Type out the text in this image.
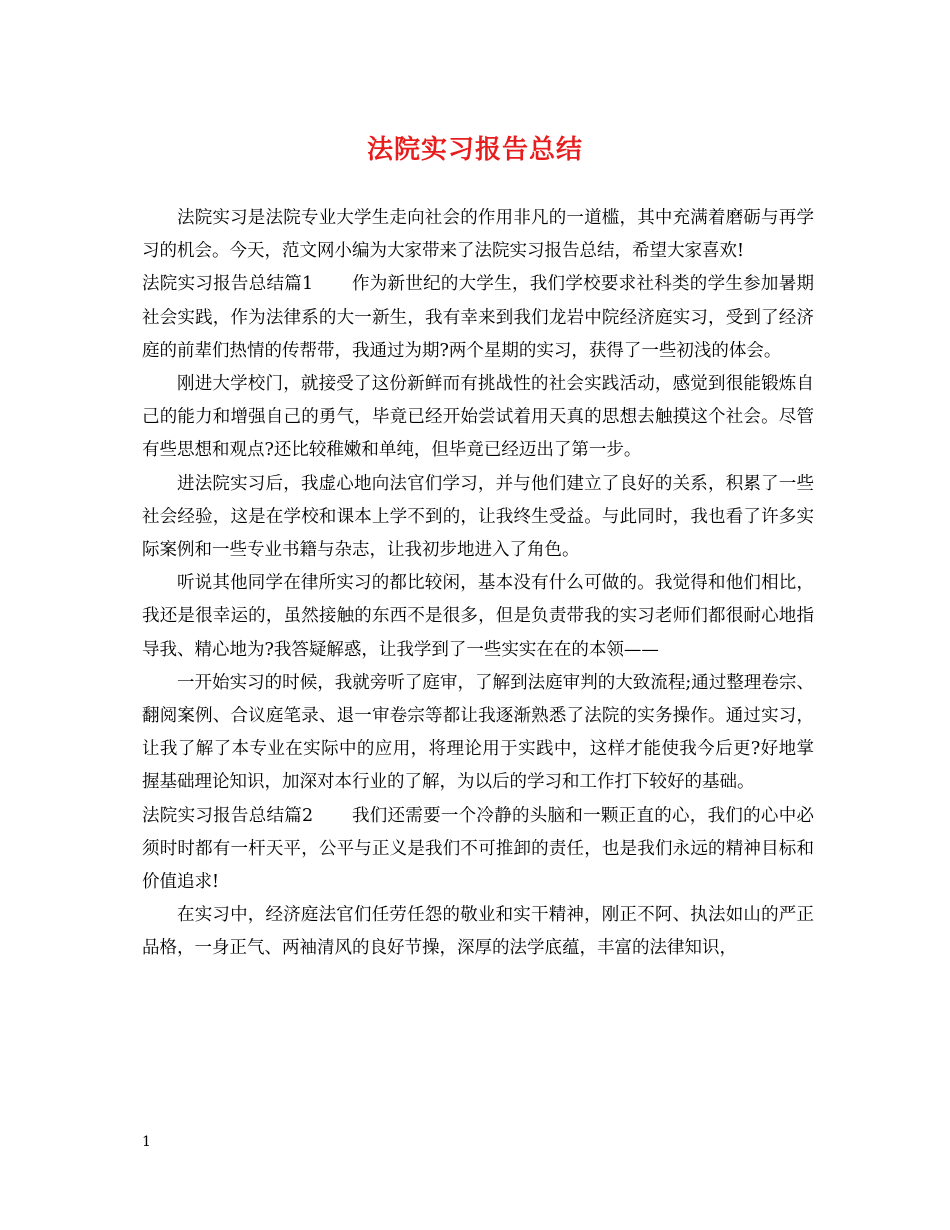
法院实习报告总结

法院实习是法院专业大学生走向社会的作用非凡的一道槛，其中充满着磨砺与再学习的机会。今天，范文网小编为大家带来了法院实习报告总结，希望大家喜欢!

法院实习报告总结篇1 作为新世纪的大学生，我们学校要求社科类的学生参加暑期社会实践，作为法律系的大一新生，我有幸来到我们龙岩中院经济庭实习，受到了经济庭的前辈们热情的传帮带，我通过为期?两个星期的实习，获得了一些初浅的体会。

刚进大学校门，就接受了这份新鲜而有挑战性的社会实践活动，感觉到很能锻炼自己的能力和增强自己的勇气，毕竟已经开始尝试着用天真的思想去触摸这个社会。尽管有些思想和观点?还比较稚嫩和单纯，但毕竟已经迈出了第一步。

进法院实习后，我虚心地向法官们学习，并与他们建立了良好的关系，积累了一些社会经验，这是在学校和课本上学不到的，让我终生受益。与此同时，我也看了许多实际案例和一些专业书籍与杂志，让我初步地进入了角色。

听说其他同学在律所实习的都比较闲，基本没有什么可做的。我觉得和他们相比，我还是很幸运的，虽然接触的东西不是很多，但是负责带我的实习老师们都很耐心地指导我、精心地为?我答疑解惑，让我学到了一些实实在在的本领——

一开始实习的时候，我就旁听了庭审，了解到法庭审判的大致流程;通过整理卷宗、翻阅案例、合议庭笔录、退一审卷宗等都让我逐渐熟悉了法院的实务操作。通过实习，让我了解了本专业在实际中的应用，将理论用于实践中，这样才能使我今后更?好地掌握基础理论知识，加深对本行业的了解，为以后的学习和工作打下较好的基础。

法院实习报告总结篇2 我们还需要一个冷静的头脑和一颗正直的心，我们的心中必须时时都有一杆天平，公平与正义是我们不可推卸的责任，也是我们永远的精神目标和价值追求!

在实习中，经济庭法官们任劳任怨的敬业和实干精神，刚正不阿、执法如山的严正品格，一身正气、两袖清风的良好节操，深厚的法学底蕴，丰富的法律知识，

1
